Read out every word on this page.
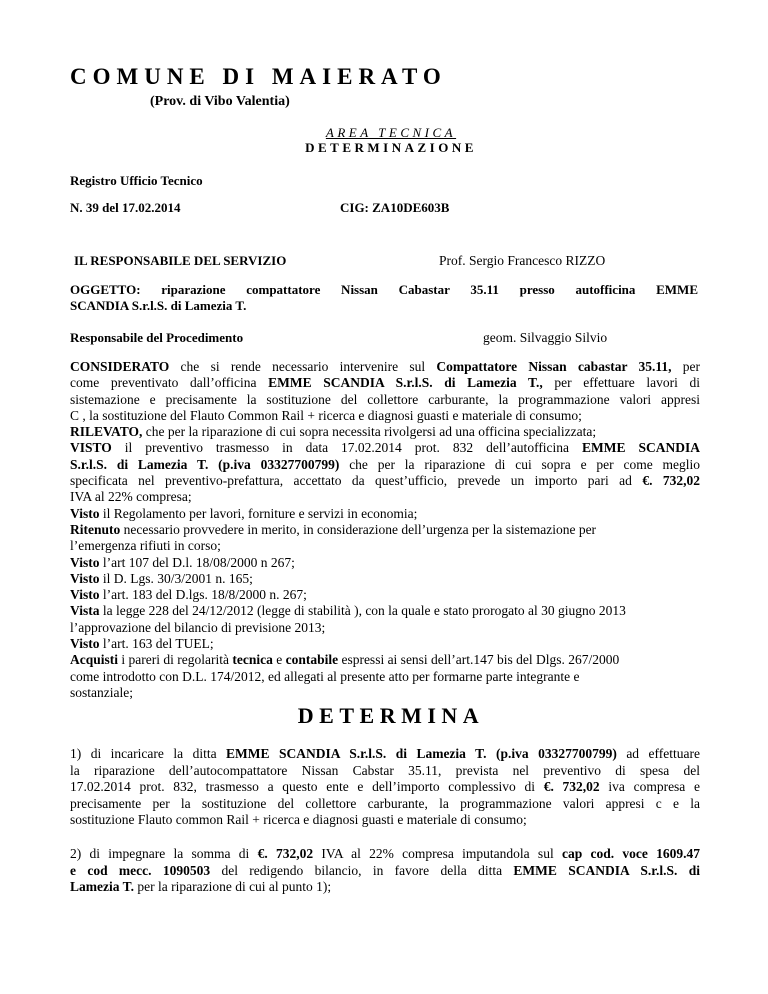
COMUNE DI MAIERATO
(Prov. di Vibo Valentia)
AREA TECNICA
DETERMINAZIONE
Registro Ufficio Tecnico
N. 39 del 17.02.2014	CIG: ZA10DE603B
IL RESPONSABILE DEL SERVIZIO	Prof. Sergio Francesco RIZZO
OGGETTO: riparazione compattatore Nissan Cabastar 35.11 presso autofficina EMME
SCANDIA S.r.l.S. di Lamezia T.
Responsabile del Procedimento	geom. Silvaggio Silvio
CONSIDERATO che si rende necessario intervenire sul Compattatore Nissan cabastar 35.11, per
come preventivato dall’officina EMME SCANDIA S.r.l.S. di Lamezia T., per effettuare lavori di
sistemazione e precisamente la sostituzione del collettore carburante, la programmazione valori appresi
C , la sostituzione del Flauto Common Rail + ricerca e diagnosi guasti e materiale di consumo;
RILEVATO, che per la riparazione di cui sopra necessita rivolgersi ad una officina specializzata;
VISTO il preventivo trasmesso in data 17.02.2014 prot. 832 dell’autofficina EMME SCANDIA
S.r.l.S. di Lamezia T. (p.iva 03327700799) che per la riparazione di cui sopra e per come meglio
specificata nel preventivo-prefattura, accettato da quest’ufficio, prevede un importo pari ad €. 732,02
IVA al 22% compresa;
Visto il Regolamento per lavori, forniture e servizi in economia;
Ritenuto necessario provvedere in merito, in considerazione dell’urgenza per la sistemazione per
l’emergenza rifiuti in corso;
Visto l’art 107 del D.l. 18/08/2000 n 267;
Visto il D. Lgs. 30/3/2001 n. 165;
Visto l’art. 183 del D.lgs. 18/8/2000 n. 267;
Vista la legge 228 del 24/12/2012 (legge di stabilità ), con la quale e stato prorogato al 30 giugno 2013
l’approvazione del bilancio di previsione 2013;
Visto l’art. 163 del TUEL;
Acquisti i pareri di regolarità tecnica e contabile espressi ai sensi dell’art.147 bis del Dlgs. 267/2000
come introdotto con D.L. 174/2012, ed allegati al presente atto per formarne parte integrante e
sostanziale;
DETERMINA
1) di incaricare la ditta EMME SCANDIA S.r.l.S. di Lamezia T. (p.iva 03327700799) ad effettuare
la riparazione dell’autocompattatore Nissan Cabstar 35.11, prevista nel preventivo di spesa del
17.02.2014 prot. 832, trasmesso a questo ente e dell’importo complessivo di €. 732,02 iva compresa e
precisamente per la sostituzione del collettore carburante, la programmazione valori appresi c e la
sostituzione Flauto common Rail + ricerca e diagnosi guasti e materiale di consumo;
2) di impegnare la somma di €. 732,02 IVA al 22% compresa imputandola sul cap cod. voce 1609.47
e cod mecc. 1090503 del redigendo bilancio, in favore della ditta EMME SCANDIA S.r.l.S. di
Lamezia T. per la riparazione di cui al punto 1);
